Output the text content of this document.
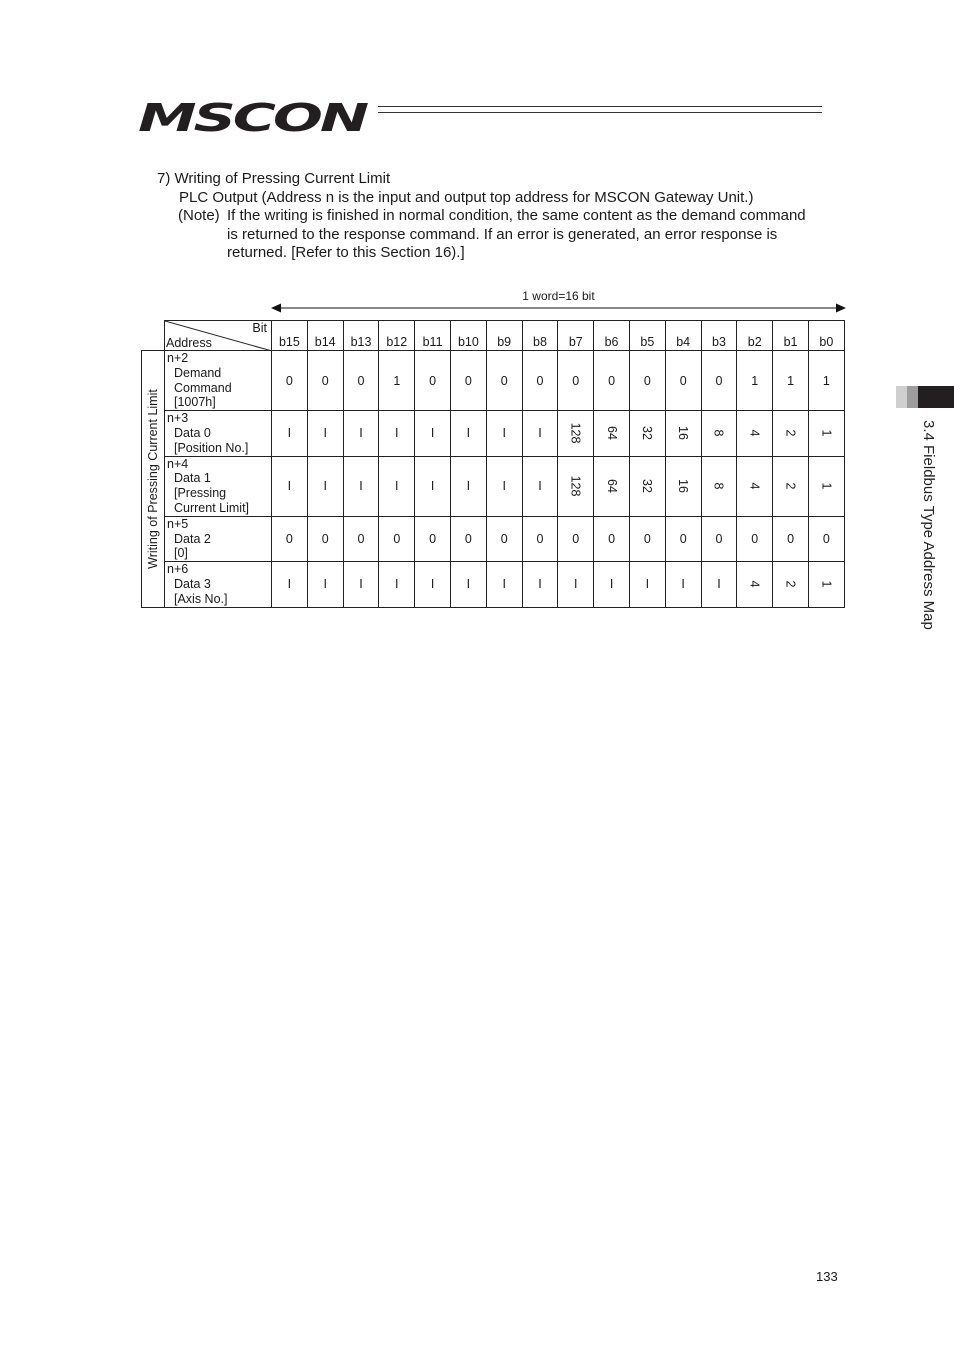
MSCON
3.4 Fieldbus Type Address Map
7) Writing of Pressing Current Limit
PLC Output (Address n is the input and output top address for MSCON Gateway Unit.)
(Note) If the writing is finished in normal condition, the same content as the demand command
is returned to the response command. If an error is generated, an error response is
returned. [Refer to this Section 16).]
1 word=16 bit

	Bit
Address	b15	b14	b13	b12	b11	b10	b9	b8	b7	b6	b5	b4	b3	b2	b1	b0

Writing of Pressing Current Limit	n+2
Demand
Command
[1007h]	0	0	0	1	0	0	0	0	0	0	0	0	0	1	1	1

	n+3
Data 0
[Position No.]	I	I	I	I	I	I	I	I	128	64	32	16	8	4	2	1

	n+4
Data 1
[Pressing
Current Limit]	I	I	I	I	I	I	I	I	128	64	32	16	8	4	2	1

	n+5
Data 2
[0]	0	0	0	0	0	0	0	0	0	0	0	0	0	0	0	0

	n+6
Data 3
[Axis No.]	I	I	I	I	I	I	I	I	I	I	I	I	I	4	2	1
133
